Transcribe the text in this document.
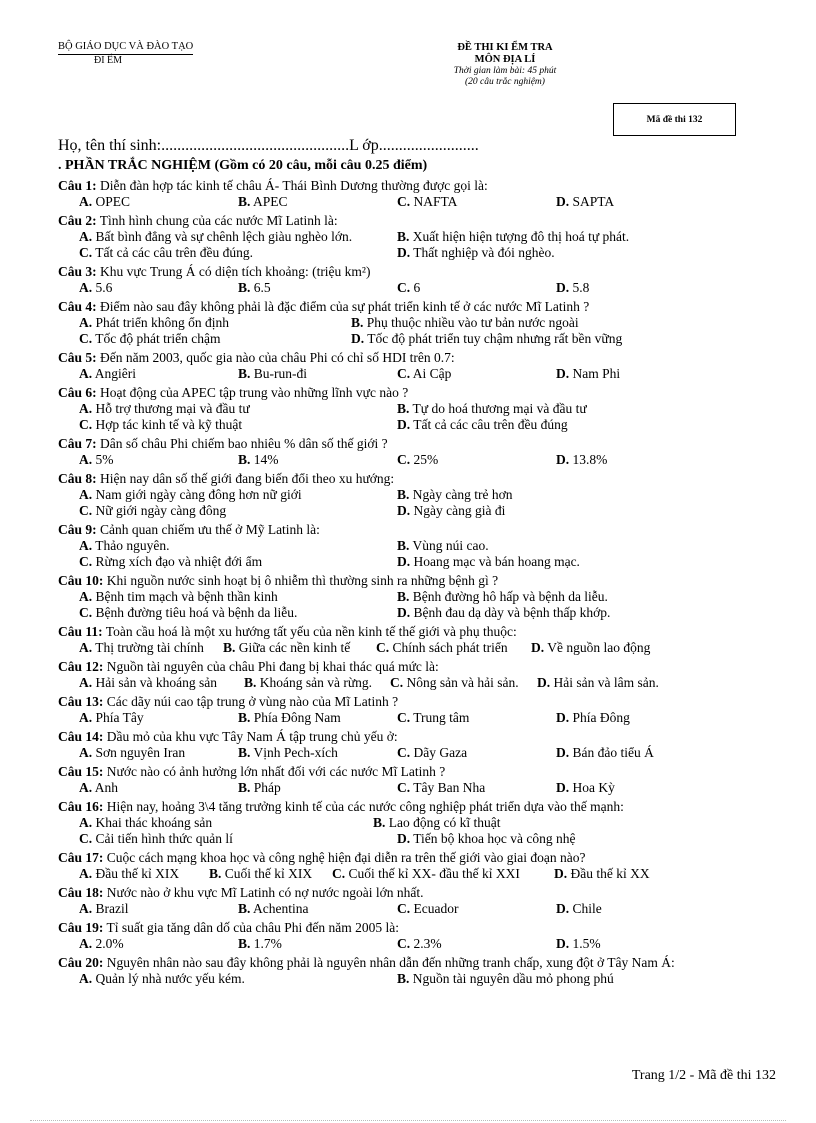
BỘ GIÁO DỤC VÀ ĐÀO TẠO
ĐI ỂM
ĐỀ THI KI ỂM TRA
MÔN ĐỊA LÍ
Thời gian làm bài: 45 phút
(20 câu trắc nghiệm)
Mã đề thi 132
Họ, tên thí sinh:...............................................L ớp.........................
. PHẦN TRẮC NGHIỆM (Gồm có 20 câu, mỗi câu 0.25 điểm)
Câu 1: Diễn đàn hợp tác kinh tế châu Á- Thái Bình Dương thường được gọi là:
A. OPEC	B. APEC	C. NAFTA	D. SAPTA
Câu 2: Tình hình chung của các nước Mĩ Latinh là:
A. Bất bình đẳng và sự chênh lệch giàu nghèo lớn.	B. Xuất hiện hiện tượng đô thị hoá tự phát.
C. Tất cả các câu trên đều đúng.	D. Thất nghiệp và đói nghèo.
Câu 3: Khu vực Trung Á có diện tích khoảng: (triệu km²)
A. 5.6	B. 6.5	C. 6	D. 5.8
Câu 4: Điểm nào sau đây không phải là đặc điểm của sự phát triển kinh tế ở các nước Mĩ Latinh ?
A. Phát triển không ổn định	B. Phụ thuộc nhiều vào tư bản nước ngoài
C. Tốc độ phát triển chậm	D. Tốc độ phát triển tuy chậm nhưng rất bền vững
Câu 5: Đến năm 2003, quốc gia nào của châu Phi có chỉ số HDI trên 0.7:
A. Angiêri	B. Bu-run-đi	C. Ai Cập	D. Nam Phi
Câu 6: Hoạt động của APEC tập trung vào những lĩnh vực nào ?
A. Hỗ trợ thương mại và đầu tư	B. Tự do hoá thương mại và đầu tư
C. Hợp tác kinh tế và kỹ thuật	D. Tất cả các câu trên đều đúng
Câu 7: Dân số châu Phi chiếm bao nhiêu % dân số thế giới ?
A. 5%	B. 14%	C. 25%	D. 13.8%
Câu 8: Hiện nay dân số thế giới đang biến đổi theo xu hướng:
A. Nam giới ngày càng đông hơn nữ giới	B. Ngày càng trẻ hơn
C. Nữ giới ngày càng đông	D. Ngày càng già đi
Câu 9: Cảnh quan chiếm ưu thế ở Mỹ Latinh là:
A. Thảo nguyên.	B. Vùng núi cao.
C. Rừng xích đạo và nhiệt đới ẩm	D. Hoang mạc và bán hoang mạc.
Câu 10: Khi nguồn nước sinh hoạt bị ô nhiễm thì thường sinh ra những bệnh gì ?
A. Bệnh tim mạch và bệnh thần kinh	B. Bệnh đường hô hấp và bệnh da liễu.
C. Bệnh đường tiêu hoá và bệnh da liễu.	D. Bệnh đau dạ dày và bệnh thấp khớp.
Câu 11: Toàn cầu hoá là một xu hướng tất yếu của nền kinh tế thế giới và phụ thuộc:
A. Thị trường tài chính B. Giữa các nền kinh tế C. Chính sách phát triển D. Về nguồn lao động
Câu 12: Nguồn tài nguyên của châu Phi đang bị khai thác quá mức là:
A. Hải sản và khoáng sản B. Khoáng sản và rừng. C. Nông sản và hải sản. D. Hải sản và lâm sản.
Câu 13: Các dãy núi cao tập trung ở vùng nào của Mĩ Latinh ?
A. Phía Tây	B. Phía Đông Nam	C. Trung tâm	D. Phía Đông
Câu 14: Dầu mỏ của khu vực Tây Nam Á tập trung chủ yếu ở:
A. Sơn nguyên Iran	B. Vịnh Pech-xích	C. Dãy Gaza	D. Bán đảo tiểu Á
Câu 15: Nước nào có ảnh hưởng lớn nhất đối với các nước Mĩ Latinh ?
A. Anh	B. Pháp	C. Tây Ban Nha	D. Hoa Kỳ
Câu 16: Hiện nay, hoảng 3\4 tăng trưởng kinh tế của các nước công nghiệp phát triển dựa vào thế mạnh:
A. Khai thác khoáng sản	B. Lao động có kĩ thuật
C. Cải tiến hình thức quản lí	D. Tiến bộ khoa học và công nhệ
Câu 17: Cuộc cách mạng khoa học và công nghệ hiện đại diễn ra trên thế giới vào giai đoạn nào?
A. Đầu thế kỉ XIX B. Cuối thế kỉ XIX C. Cuối thế kỉ XX- đầu thế kỉ XXI	D. Đầu thế kỉ XX
Câu 18: Nước nào ở khu vực Mĩ Latinh có nợ nước ngoài lớn nhất.
A. Brazil	B. Achentina	C. Ecuador	D. Chile
Câu 19: Tỉ suất gia tăng dân dố của châu Phi đến năm 2005 là:
A. 2.0%	B. 1.7%	C. 2.3%	D. 1.5%
Câu 20: Nguyên nhân nào sau đây không phải là nguyên nhân dẫn đến những tranh chấp, xung đột ở Tây Nam Á:
A. Quản lý nhà nước yếu kém.	B. Nguồn tài nguyên dầu mỏ phong phú
Trang 1/2 - Mã đề thi 132
